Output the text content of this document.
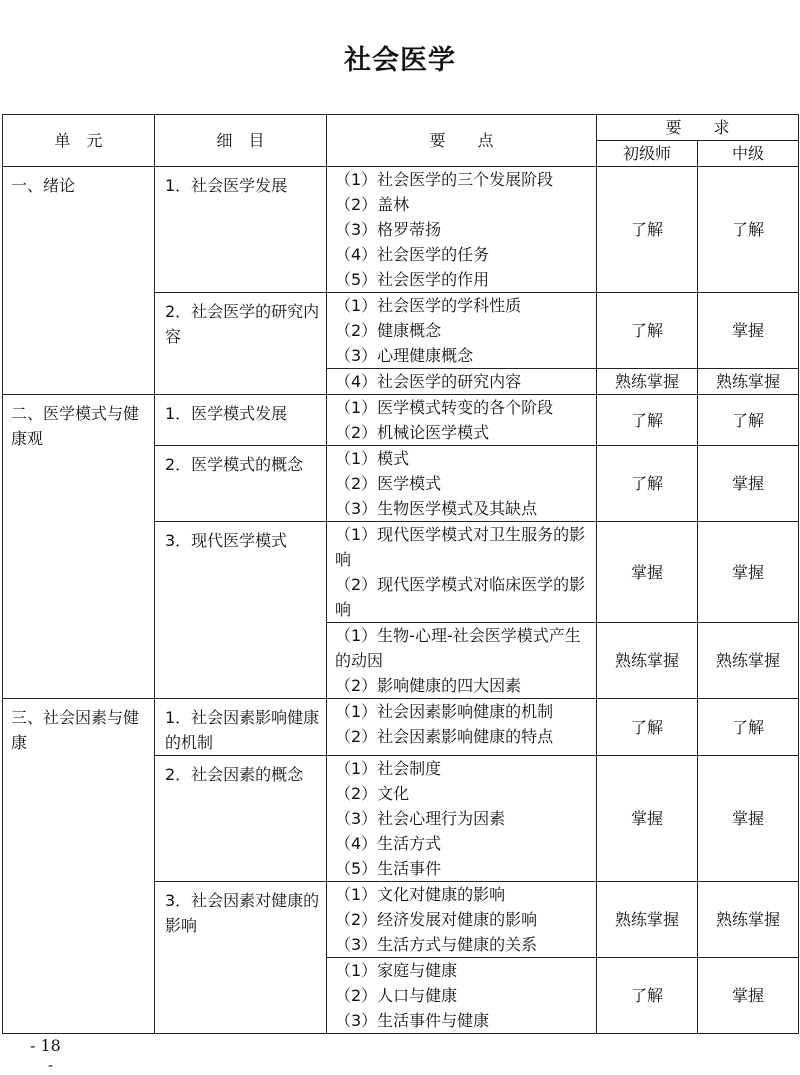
社会医学
单　元	细　目	要　　点	要　　求	
			初级师	中级
一、绪论	1．社会医学发展	（1）社会医学的三个发展阶段
（2）盖林
（3）格罗蒂扬
（4）社会医学的任务
（5）社会医学的作用	了解	了解
	2．社会医学的研究内容	（1）社会医学的学科性质
（2）健康概念
（3）心理健康概念	了解	掌握

		（4）社会医学的研究内容	熟练掌握	熟练掌握
二、医学模式与健康观	1．医学模式发展	（1）医学模式转变的各个阶段
（2）机械论医学模式	了解	了解
	2．医学模式的概念	（1）模式
（2）医学模式
（3）生物医学模式及其缺点	了解	掌握
	3．现代医学模式	（1）现代医学模式对卫生服务的影响
（2）现代医学模式对临床医学的影响	掌握	掌握

		（1）生物-心理-社会医学模式产生的动因
（2）影响健康的四大因素	熟练掌握	熟练掌握
三、社会因素与健康	1．社会因素影响健康的机制	（1）社会因素影响健康的机制
（2）社会因素影响健康的特点	了解	了解
	2．社会因素的概念	（1）社会制度
（2）文化
（3）社会心理行为因素
（4）生活方式
（5）生活事件	掌握	掌握
	3．社会因素对健康的影响	（1）文化对健康的影响
（2）经济发展对健康的影响
（3）生活方式与健康的关系	熟练掌握	熟练掌握

		（1）家庭与健康
（2）人口与健康
（3）生活事件与健康	了解	掌握
- 18
-
